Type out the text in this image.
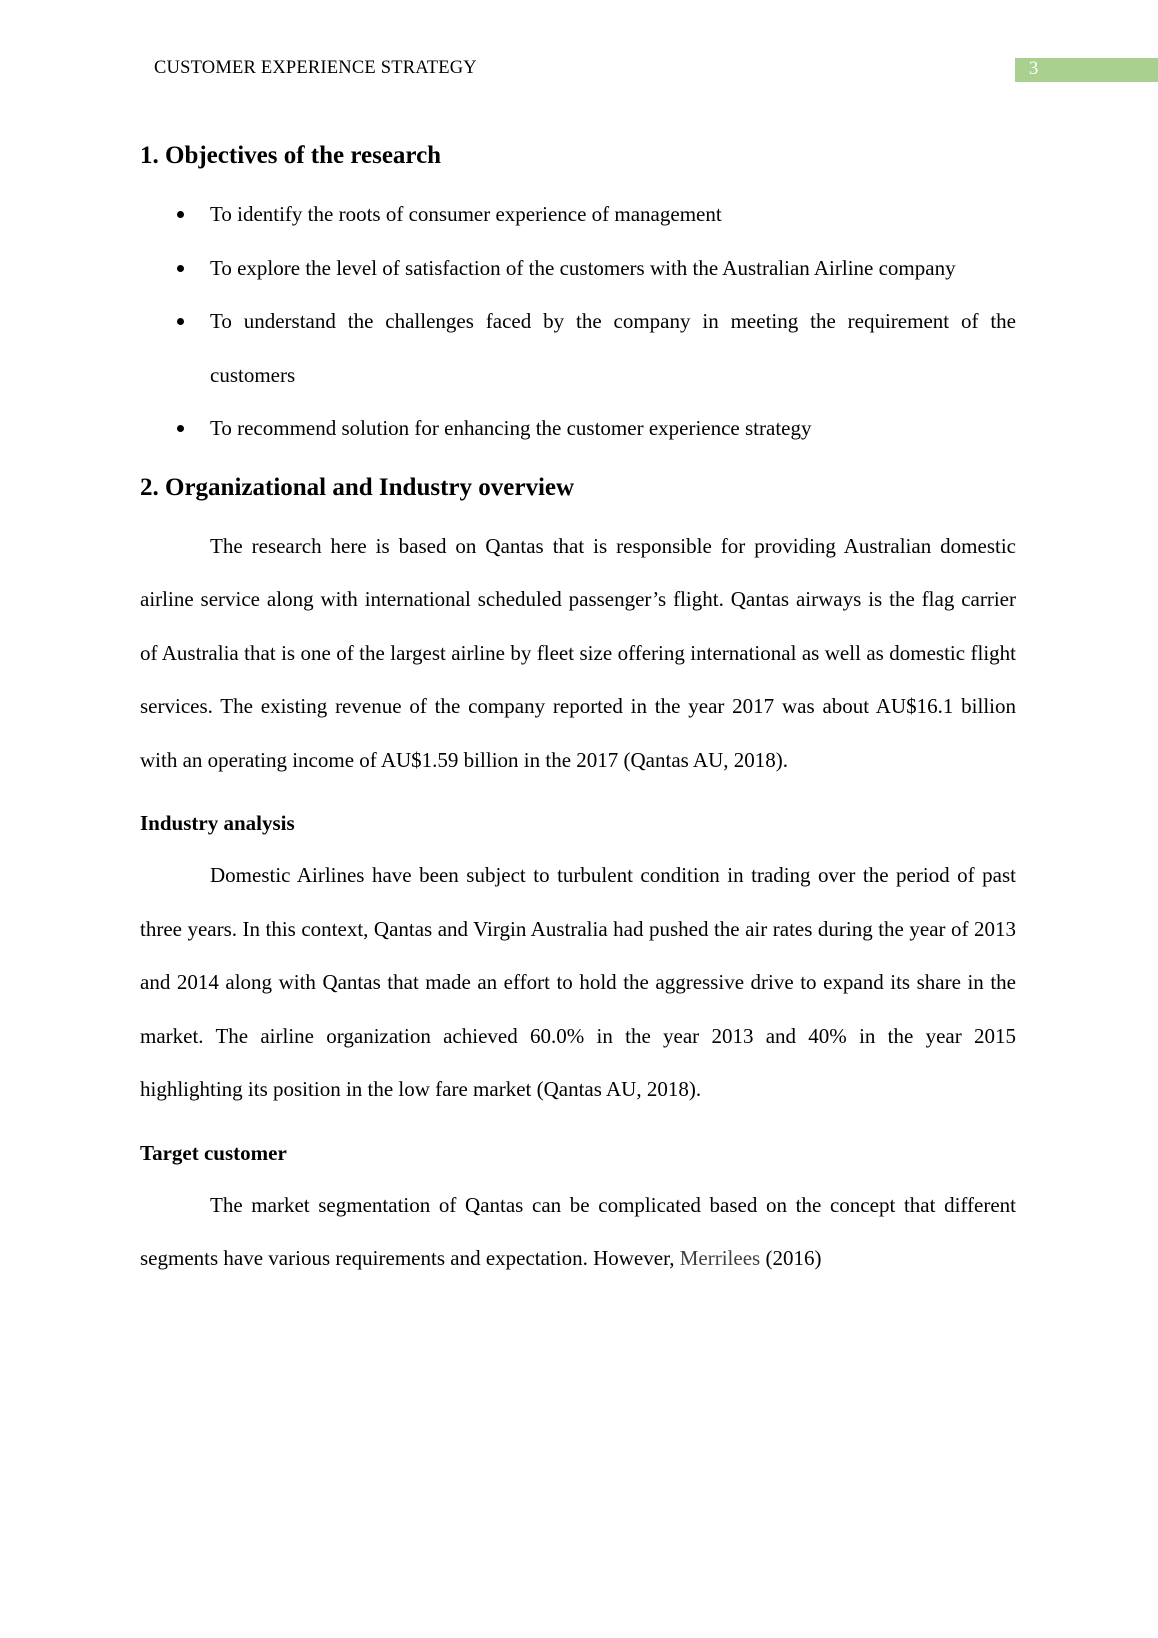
CUSTOMER EXPERIENCE STRATEGY	3
1. Objectives of the research
To identify the roots of consumer experience of management
To explore the level of satisfaction of the customers with the Australian Airline company
To understand the challenges faced by the company in meeting the requirement of the customers
To recommend solution for enhancing the customer experience strategy
2. Organizational and Industry overview

The research here is based on Qantas that is responsible for providing Australian domestic airline service along with international scheduled passenger’s flight. Qantas airways is the flag carrier of Australia that is one of the largest airline by fleet size offering international as well as domestic flight services. The existing revenue of the company reported in the year 2017 was about AU$16.1 billion with an operating income of AU$1.59 billion in the 2017 (Qantas AU, 2018).

Industry analysis

Domestic Airlines have been subject to turbulent condition in trading over the period of past three years. In this context, Qantas and Virgin Australia had pushed the air rates during the year of 2013 and 2014 along with Qantas that made an effort to hold the aggressive drive to expand its share in the market. The airline organization achieved 60.0% in the year 2013 and 40% in the year 2015 highlighting its position in the low fare market (Qantas AU, 2018).

Target customer

The market segmentation of Qantas can be complicated based on the concept that different segments have various requirements and expectation. However, Merrilees (2016)
